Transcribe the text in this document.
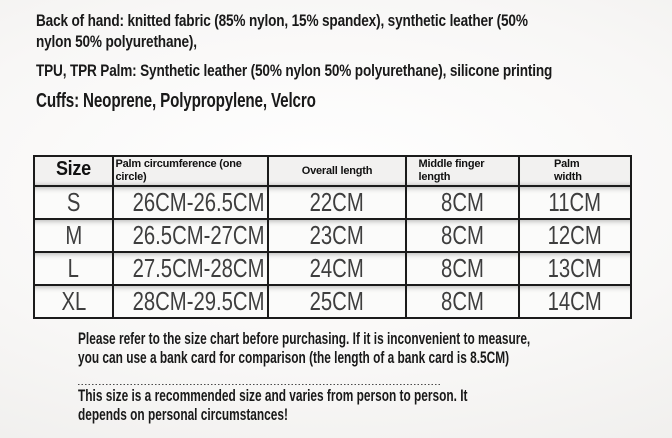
Back of hand: knitted fabric (85% nylon, 15% spandex), synthetic leather (50%
nylon 50% polyurethane),
TPU, TPR Palm: Synthetic leather (50% nylon 50% polyurethane), silicone printing
Cuffs: Neoprene, Polypropylene, Velcro
Size	Palm circumference (one circle)	Overall length	Middle finger length	Palm width
S	26CM-26.5CM	22CM	8CM	11CM
M	26.5CM-27CM	23CM	8CM	12CM
L	27.5CM-28CM	24CM	8CM	13CM
XL	28CM-29.5CM	25CM	8CM	14CM
Please refer to the size chart before purchasing. If it is inconvenient to measure,
you can use a bank card for comparison (the length of a bank card is 8.5CM)
This size is a recommended size and varies from person to person. It
depends on personal circumstances!
